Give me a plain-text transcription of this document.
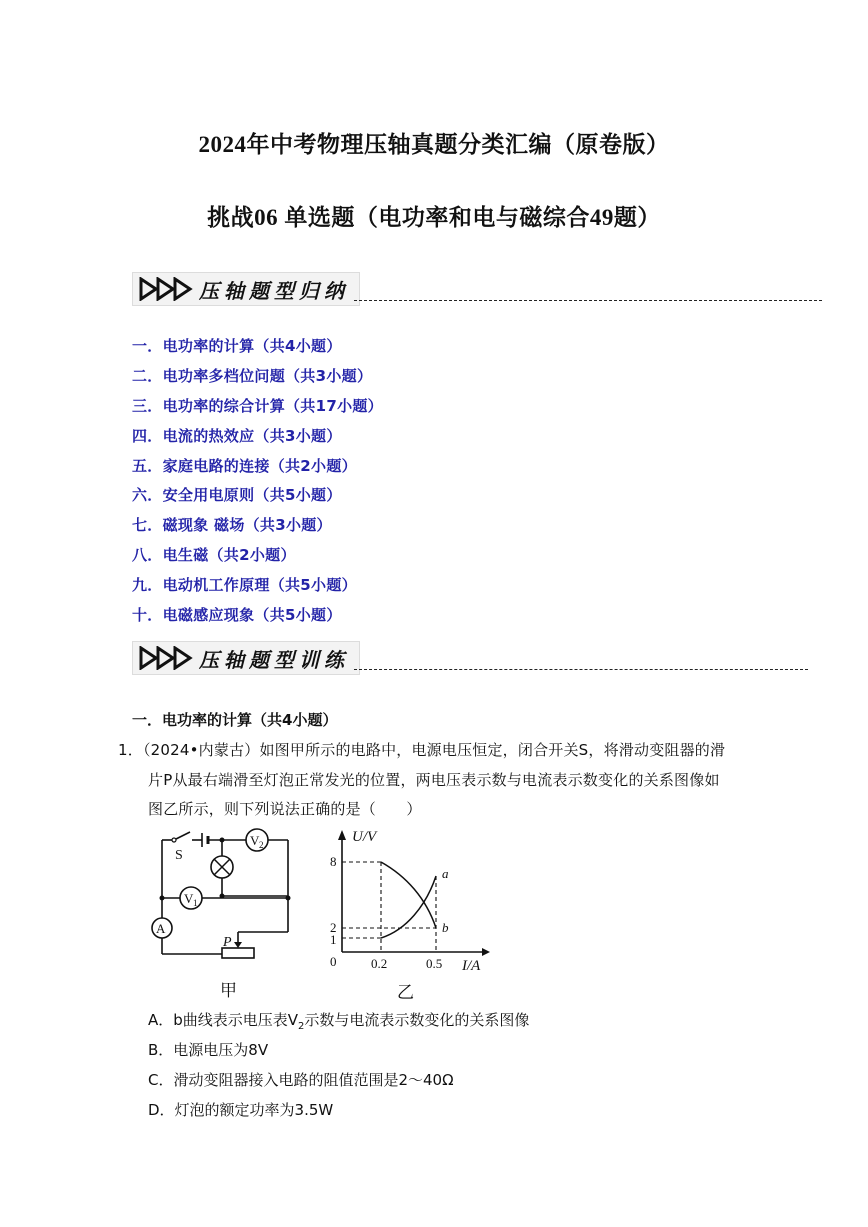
2024年中考物理压轴真题分类汇编（原卷版）
挑战06 单选题（电功率和电与磁综合49题）
压轴题型归纳
一．电功率的计算（共4小题）
二．电功率多档位问题（共3小题）
三．电功率的综合计算（共17小题）
四．电流的热效应（共3小题）
五．家庭电路的连接（共2小题）
六．安全用电原则（共5小题）
七．磁现象 磁场（共3小题）
八．电生磁（共2小题）
九．电动机工作原理（共5小题）
十．电磁感应现象（共5小题）
压轴题型训练
一．电功率的计算（共4小题）
1．（2024•内蒙古）如图甲所示的电路中，电源电压恒定，闭合开关S，将滑动变阻器的滑
片P从最右端滑至灯泡正常发光的位置，两电压表示数与电流表示数变化的关系图像如
图乙所示，则下列说法正确的是（　　）
V 2
V 1
A
P
S
甲
U/V
I/A
0
8
2
1
0.2	0.5
a
b
乙
A．b曲线表示电压表$V_2$示数与电流表示数变化的关系图像
B．电源电压为8V
C．滑动变阻器接入电路的阻值范围是2～40Ω
D．灯泡的额定功率为3.5W
